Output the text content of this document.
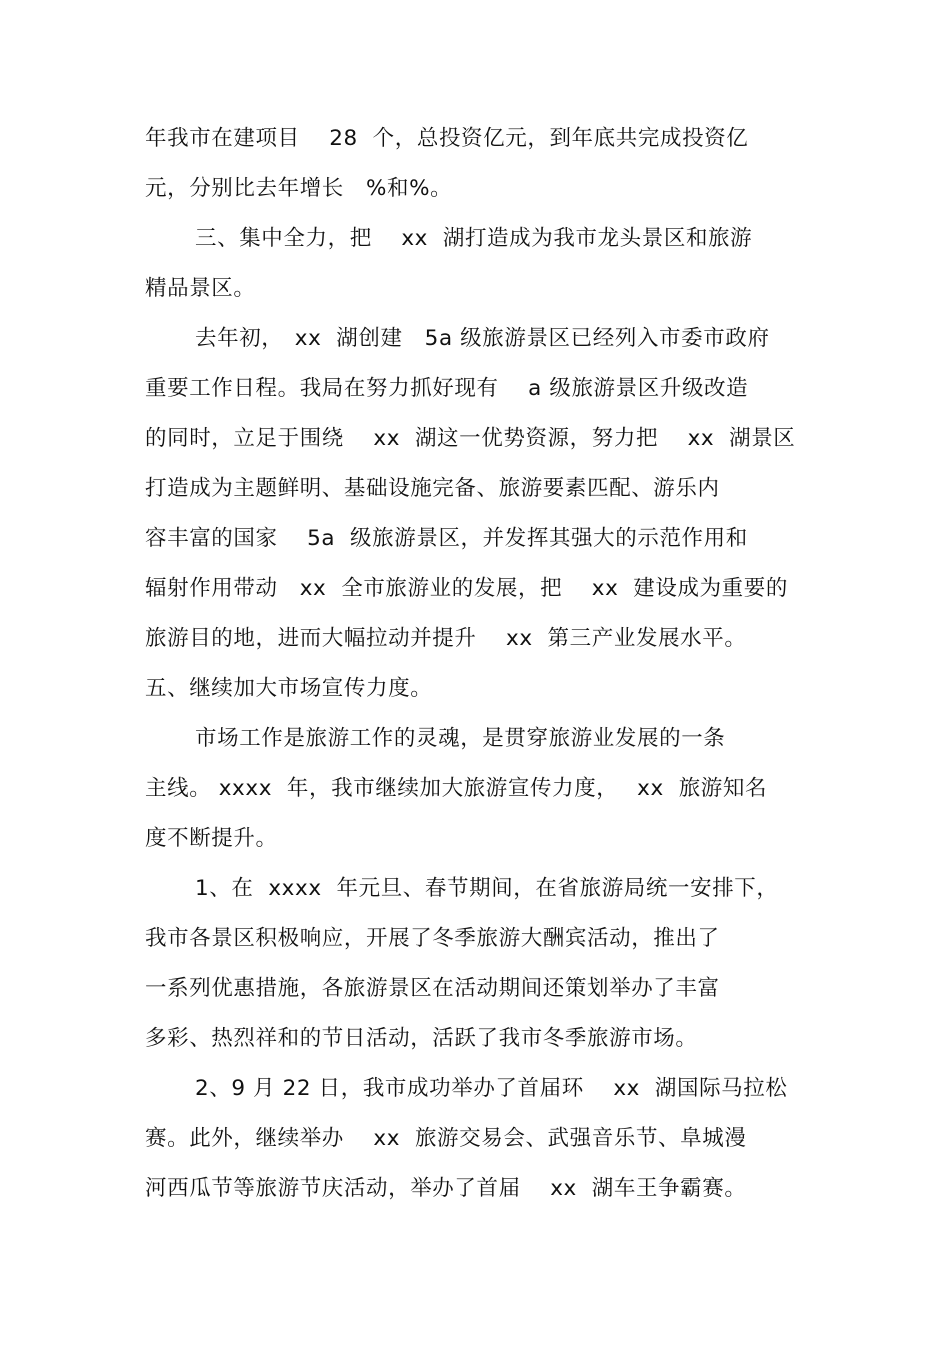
年我市在建项目　 28  个，总投资亿元，到年底共完成投资亿
元，分别比去年增长　%和%。
三、集中全力，把　 xx  湖打造成为我市龙头景区和旅游
精品景区。
去年初，　xx  湖创建　5a 级旅游景区已经列入市委市政府
重要工作日程。我局在努力抓好现有　 a 级旅游景区升级改造
的同时，立足于围绕　 xx  湖这一优势资源，努力把　 xx  湖景区
打造成为主题鲜明、基础设施完备、旅游要素匹配、游乐内
容丰富的国家　 5a  级旅游景区，并发挥其强大的示范作用和
辐射作用带动　xx  全市旅游业的发展，把　 xx  建设成为重要的
旅游目的地，进而大幅拉动并提升　 xx  第三产业发展水平。
五、继续加大市场宣传力度。
市场工作是旅游工作的灵魂，是贯穿旅游业发展的一条
主线。 xxxx  年，我市继续加大旅游宣传力度，　 xx  旅游知名
度不断提升。
1、在  xxxx  年元旦、春节期间，在省旅游局统一安排下，
我市各景区积极响应，开展了冬季旅游大酬宾活动，推出了
一系列优惠措施，各旅游景区在活动期间还策划举办了丰富
多彩、热烈祥和的节日活动，活跃了我市冬季旅游市场。
2、9 月 22 日，我市成功举办了首届环　 xx  湖国际马拉松
赛。此外，继续举办　 xx  旅游交易会、武强音乐节、阜城漫
河西瓜节等旅游节庆活动，举办了首届　 xx  湖车王争霸赛。
